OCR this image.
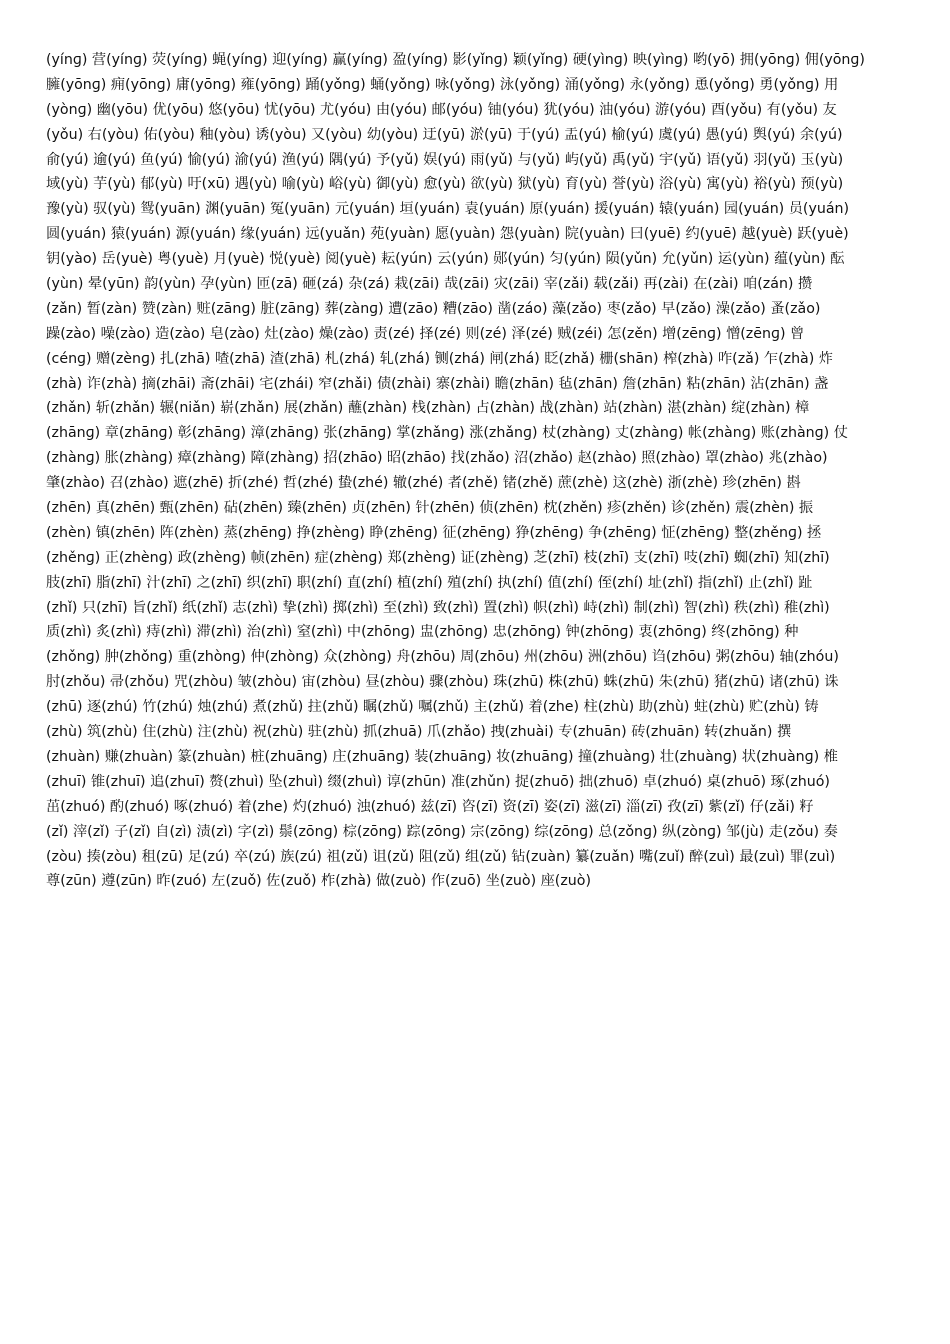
(yínɡ) 营(yínɡ) 荧(yínɡ) 蝇(yínɡ) 迎(yínɡ) 赢(yínɡ) 盈(yínɡ) 影(yǐnɡ) 颖(yǐnɡ) 硬(yìnɡ) 映(yìnɡ) 哟(yō) 拥(yōnɡ) 佣(yōnɡ)
臃(yōnɡ) 痈(yōnɡ) 庸(yōnɡ) 雍(yōnɡ) 踊(yǒnɡ) 蛹(yǒnɡ) 咏(yǒnɡ) 泳(yǒnɡ) 涌(yǒnɡ) 永(yǒnɡ) 恿(yǒnɡ) 勇(yǒnɡ) 用
(yònɡ) 幽(yōu) 优(yōu) 悠(yōu) 忧(yōu) 尤(yóu) 由(yóu) 邮(yóu) 铀(yóu) 犹(yóu) 油(yóu) 游(yóu) 酉(yǒu) 有(yǒu) 友
(yǒu) 右(yòu) 佑(yòu) 釉(yòu) 诱(yòu) 又(yòu) 幼(yòu) 迂(yū) 淤(yū) 于(yú) 盂(yú) 榆(yú) 虞(yú) 愚(yú) 舆(yú) 余(yú)
俞(yú) 逾(yú) 鱼(yú) 愉(yú) 渝(yú) 渔(yú) 隅(yú) 予(yǔ) 娱(yú) 雨(yǔ) 与(yǔ) 屿(yǔ) 禹(yǔ) 宇(yǔ) 语(yǔ) 羽(yǔ) 玉(yù)
域(yù) 芋(yù) 郁(yù) 吁(xū) 遇(yù) 喻(yù) 峪(yù) 御(yù) 愈(yù) 欲(yù) 狱(yù) 育(yù) 誉(yù) 浴(yù) 寓(yù) 裕(yù) 预(yù)
豫(yù) 驭(yù) 鸳(yuān) 渊(yuān) 冤(yuān) 元(yuán) 垣(yuán) 袁(yuán) 原(yuán) 援(yuán) 辕(yuán) 园(yuán) 员(yuán)
圆(yuán) 猿(yuán) 源(yuán) 缘(yuán) 远(yuǎn) 苑(yuàn) 愿(yuàn) 怨(yuàn) 院(yuàn) 曰(yuē) 约(yuē) 越(yuè) 跃(yuè)
钥(yào) 岳(yuè) 粤(yuè) 月(yuè) 悦(yuè) 阅(yuè) 耘(yún) 云(yún) 郧(yún) 匀(yún) 陨(yǔn) 允(yǔn) 运(yùn) 蕴(yùn) 酝
(yùn) 晕(yūn) 韵(yùn) 孕(yùn) 匝(zā) 砸(zá) 杂(zá) 栽(zāi) 哉(zāi) 灾(zāi) 宰(zǎi) 载(zǎi) 再(zài) 在(zài) 咱(zán) 攒
(zǎn) 暂(zàn) 赞(zàn) 赃(zānɡ) 脏(zānɡ) 葬(zànɡ) 遭(zāo) 糟(zāo) 凿(záo) 藻(zǎo) 枣(zǎo) 早(zǎo) 澡(zǎo) 蚤(zǎo)
躁(zào) 噪(zào) 造(zào) 皂(zào) 灶(zào) 燥(zào) 责(zé) 择(zé) 则(zé) 泽(zé) 贼(zéi) 怎(zěn) 增(zēnɡ) 憎(zēnɡ) 曾
(cénɡ) 赠(zènɡ) 扎(zhā) 喳(zhā) 渣(zhā) 札(zhá) 轧(zhá) 铡(zhá) 闸(zhá) 眨(zhǎ) 栅(shān) 榨(zhà) 咋(zǎ) 乍(zhà) 炸
(zhà) 诈(zhà) 摘(zhāi) 斋(zhāi) 宅(zhái) 窄(zhǎi) 债(zhài) 寨(zhài) 瞻(zhān) 毡(zhān) 詹(zhān) 粘(zhān) 沾(zhān) 盏
(zhǎn) 斩(zhǎn) 辗(niǎn) 崭(zhǎn) 展(zhǎn) 蘸(zhàn) 栈(zhàn) 占(zhàn) 战(zhàn) 站(zhàn) 湛(zhàn) 绽(zhàn) 樟
(zhānɡ) 章(zhānɡ) 彰(zhānɡ) 漳(zhānɡ) 张(zhānɡ) 掌(zhǎnɡ) 涨(zhǎnɡ) 杖(zhànɡ) 丈(zhànɡ) 帐(zhànɡ) 账(zhànɡ) 仗
(zhànɡ) 胀(zhànɡ) 瘴(zhànɡ) 障(zhànɡ) 招(zhāo) 昭(zhāo) 找(zhǎo) 沼(zhǎo) 赵(zhào) 照(zhào) 罩(zhào) 兆(zhào)
肇(zhào) 召(zhào) 遮(zhē) 折(zhé) 哲(zhé) 蛰(zhé) 辙(zhé) 者(zhě) 锗(zhě) 蔗(zhè) 这(zhè) 浙(zhè) 珍(zhēn) 斟
(zhēn) 真(zhēn) 甄(zhēn) 砧(zhēn) 臻(zhēn) 贞(zhēn) 针(zhēn) 侦(zhēn) 枕(zhěn) 疹(zhěn) 诊(zhěn) 震(zhèn) 振
(zhèn) 镇(zhēn) 阵(zhèn) 蒸(zhēnɡ) 挣(zhènɡ) 睁(zhēnɡ) 征(zhēnɡ) 狰(zhēnɡ) 争(zhēnɡ) 怔(zhēnɡ) 整(zhěnɡ) 拯
(zhěnɡ) 正(zhènɡ) 政(zhènɡ) 帧(zhēn) 症(zhènɡ) 郑(zhènɡ) 证(zhènɡ) 芝(zhī) 枝(zhī) 支(zhī) 吱(zhī) 蜘(zhī) 知(zhī)
肢(zhī) 脂(zhī) 汁(zhī) 之(zhī) 织(zhī) 职(zhí) 直(zhí) 植(zhí) 殖(zhí) 执(zhí) 值(zhí) 侄(zhí) 址(zhǐ) 指(zhǐ) 止(zhǐ) 趾
(zhǐ) 只(zhī) 旨(zhǐ) 纸(zhǐ) 志(zhì) 挚(zhì) 掷(zhì) 至(zhì) 致(zhì) 置(zhì) 帜(zhì) 峙(zhì) 制(zhì) 智(zhì) 秩(zhì) 稚(zhì)
质(zhì) 炙(zhì) 痔(zhì) 滞(zhì) 治(zhì) 窒(zhì) 中(zhōnɡ) 盅(zhōnɡ) 忠(zhōnɡ) 钟(zhōnɡ) 衷(zhōnɡ) 终(zhōnɡ) 种
(zhǒnɡ) 肿(zhǒnɡ) 重(zhònɡ) 仲(zhònɡ) 众(zhònɡ) 舟(zhōu) 周(zhōu) 州(zhōu) 洲(zhōu) 诌(zhōu) 粥(zhōu) 轴(zhóu)
肘(zhǒu) 帚(zhǒu) 咒(zhòu) 皱(zhòu) 宙(zhòu) 昼(zhòu) 骤(zhòu) 珠(zhū) 株(zhū) 蛛(zhū) 朱(zhū) 猪(zhū) 诸(zhū) 诛
(zhū) 逐(zhú) 竹(zhú) 烛(zhú) 煮(zhǔ) 拄(zhǔ) 瞩(zhǔ) 嘱(zhǔ) 主(zhǔ) 着(zhe) 柱(zhù) 助(zhù) 蛀(zhù) 贮(zhù) 铸
(zhù) 筑(zhù) 住(zhù) 注(zhù) 祝(zhù) 驻(zhù) 抓(zhuā) 爪(zhǎo) 拽(zhuài) 专(zhuān) 砖(zhuān) 转(zhuǎn) 撰
(zhuàn) 赚(zhuàn) 篆(zhuàn) 桩(zhuānɡ) 庄(zhuānɡ) 装(zhuānɡ) 妆(zhuānɡ) 撞(zhuànɡ) 壮(zhuànɡ) 状(zhuànɡ) 椎
(zhuī) 锥(zhuī) 追(zhuī) 赘(zhuì) 坠(zhuì) 缀(zhuì) 谆(zhūn) 准(zhǔn) 捉(zhuō) 拙(zhuō) 卓(zhuó) 桌(zhuō) 琢(zhuó)
茁(zhuó) 酌(zhuó) 啄(zhuó) 着(zhe) 灼(zhuó) 浊(zhuó) 兹(zī) 咨(zī) 资(zī) 姿(zī) 滋(zī) 淄(zī) 孜(zī) 紫(zǐ) 仔(zǎi) 籽
(zǐ) 滓(zǐ) 子(zǐ) 自(zì) 渍(zì) 字(zì) 鬃(zōnɡ) 棕(zōnɡ) 踪(zōnɡ) 宗(zōnɡ) 综(zōnɡ) 总(zǒnɡ) 纵(zònɡ) 邹(jù) 走(zǒu) 奏
(zòu) 揍(zòu) 租(zū) 足(zú) 卒(zú) 族(zú) 祖(zǔ) 诅(zǔ) 阻(zǔ) 组(zǔ) 钻(zuàn) 纂(zuǎn) 嘴(zuǐ) 醉(zuì) 最(zuì) 罪(zuì)
尊(zūn) 遵(zūn) 昨(zuó) 左(zuǒ) 佐(zuǒ) 柞(zhà) 做(zuò) 作(zuō) 坐(zuò) 座(zuò)
